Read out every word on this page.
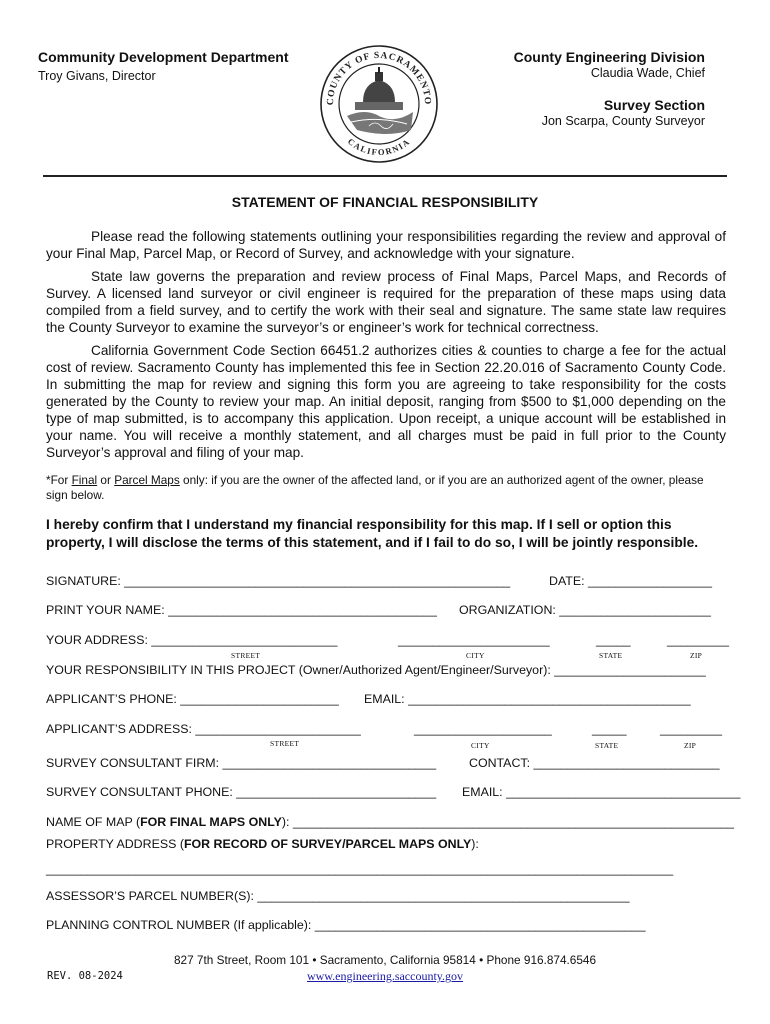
Community Development Department
Troy Givans, Director
COUNTY OF SACRAMENTO
CALIFORNIA
County Engineering Division
Claudia Wade, Chief
Survey Section
Jon Scarpa, County Surveyor
STATEMENT OF FINANCIAL RESPONSIBILITY
Please read the following statements outlining your responsibilities regarding the review and approval of your Final Map, Parcel Map, or Record of Survey, and acknowledge with your signature.
State law governs the preparation and review process of Final Maps, Parcel Maps, and Records of Survey. A licensed land surveyor or civil engineer is required for the preparation of these maps using data compiled from a field survey, and to certify the work with their seal and signature. The same state law requires the County Surveyor to examine the surveyor’s or engineer’s work for technical correctness.
California Government Code Section 66451.2 authorizes cities & counties to charge a fee for the actual cost of review. Sacramento County has implemented this fee in Section 22.20.016 of Sacramento County Code. In submitting the map for review and signing this form you are agreeing to take responsibility for the costs generated by the County to review your map. An initial deposit, ranging from $500 to $1,000 depending on the type of map submitted, is to accompany this application. Upon receipt, a unique account will be established in your name. You will receive a monthly statement, and all charges must be paid in full prior to the County Surveyor’s approval and filing of your map.
*For Final or Parcel Maps only: if you are the owner of the affected land, or if you are an authorized agent of the owner, please sign below.
I hereby confirm that I understand my financial responsibility for this map. If I sell or option this property, I will disclose the terms of this statement, and if I fail to do so, I will be jointly responsible.
SIGNATURE: ________________________________________________________	DATE: __________________
PRINT YOUR NAME: _______________________________________ ORGANIZATION: ______________________
YOUR ADDRESS: ___________________________	______________________	_____	_________
STREET	CITY	STATE	ZIP
YOUR RESPONSIBILITY IN THIS PROJECT (Owner/Authorized Agent/Engineer/Surveyor): ______________________
APPLICANT’S PHONE: _______________________ EMAIL: _________________________________________
APPLICANT’S ADDRESS: ________________________	____________________	_____	_________
STREET	CITY	STATE	ZIP
SURVEY CONSULTANT FIRM: _______________________________	CONTACT: ___________________________
SURVEY CONSULTANT PHONE: _____________________________ EMAIL: __________________________________
NAME OF MAP (FOR FINAL MAPS ONLY): ________________________________________________________________
PROPERTY ADDRESS (FOR RECORD OF SURVEY/PARCEL MAPS ONLY):
___________________________________________________________________________________________
ASSESSOR’S PARCEL NUMBER(S): ______________________________________________________
PLANNING CONTROL NUMBER (If applicable): ________________________________________________
827 7th Street, Room 101 • Sacramento, California 95814 • Phone 916.874.6546
www.engineering.saccounty.gov
REV. 08-2024
